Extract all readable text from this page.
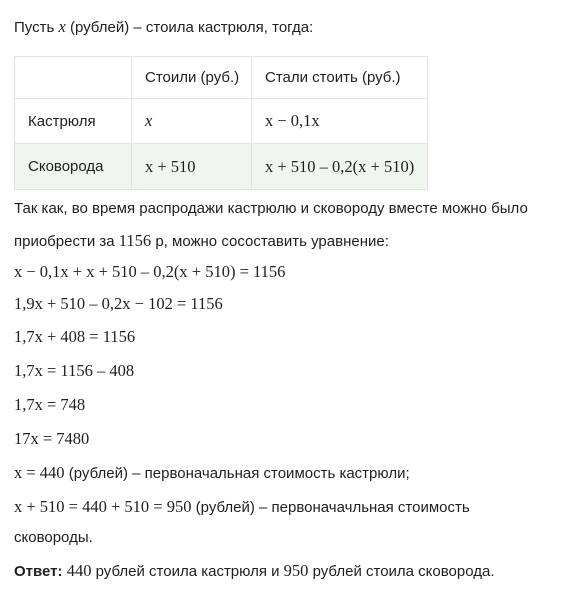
Пусть x (рублей) – стоила кастрюля, тогда:
	Стоили (руб.)	Стали стоить (руб.)
Кастрюля	x	x − 0,1x
Сковорода	x + 510	x + 510 – 0,2(x + 510)
Так как, во время распродажи кастрюлю и сковороду вместе можно было
приобрести за 1156 р, можно сосоставить уравнение:
x − 0,1x + x + 510 – 0,2(x + 510) = 1156
1,9x + 510 – 0,2x − 102 = 1156
1,7x + 408 = 1156
1,7x = 1156 – 408
1,7x = 748
17x = 7480
x = 440 (рублей) – первоначальная стоимость кастрюли;
x + 510 = 440 + 510 = 950 (рублей) – первоначачльная стоимость
сковороды.
Ответ: 440 рублей стоила кастрюля и 950 рублей стоила сковорода.
